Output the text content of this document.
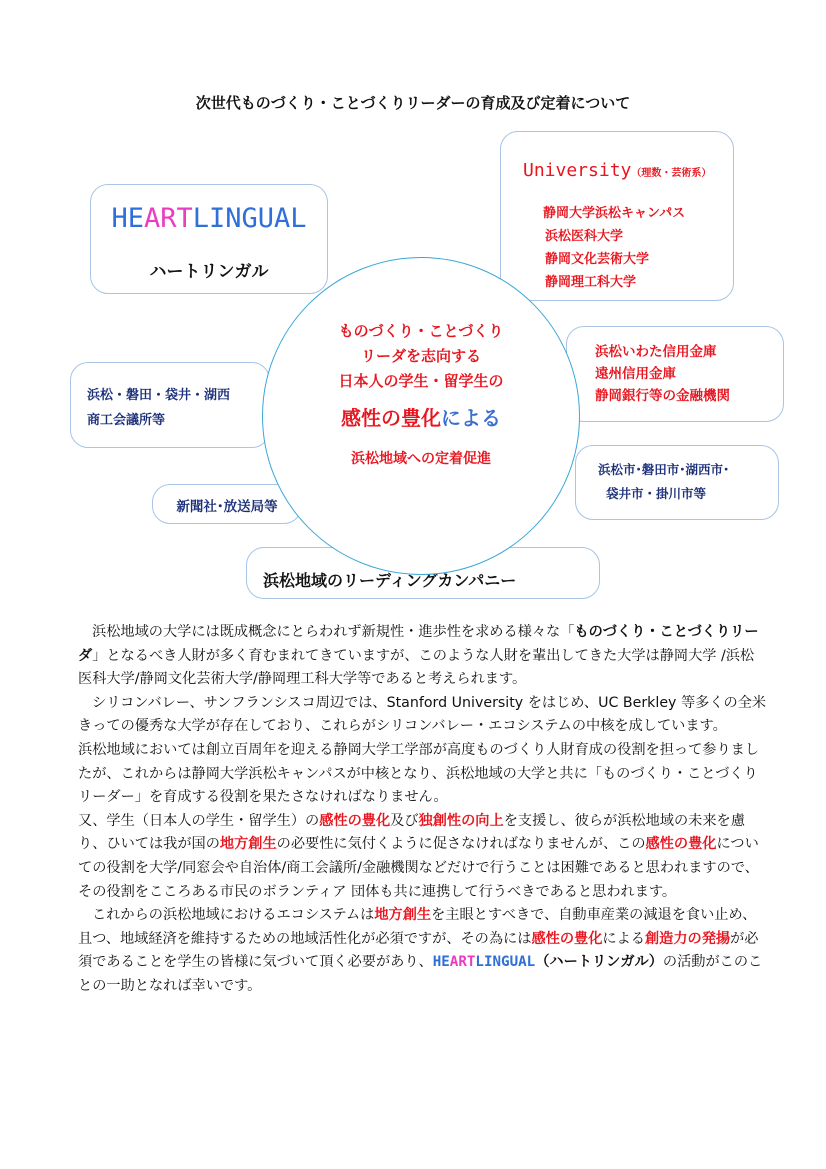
次世代ものづくり・ことづくりリーダーの育成及び定着について
HEARTLINGUAL
ハートリンガル
University（理数・芸術系）
静岡大学浜松キャンパス
浜松医科大学
静岡文化芸術大学
静岡理工科大学
浜松・磐田・袋井・湖西
商工会議所等
浜松いわた信用金庫
遠州信用金庫
静岡銀行等の金融機関
浜松市･磐田市･湖西市･
袋井市・掛川市等
新聞社･放送局等
浜松地域のリーディングカンパニー
ものづくり・ことづくり
リーダを志向する
日本人の学生・留学生の
感性の豊化による
浜松地域への定着促進

浜松地域の大学には既成概念にとらわれず新規性・進歩性を求める様々な「ものづくり・ことづくりリーダ」となるべき人財が多く育むまれてきていますが、このような人財を輩出してきた大学は静岡大学 /浜松医科大学/静岡文化芸術大学/静岡理工科大学等であると考えられます。

シリコンバレー、サンフランシスコ周辺では、Stanford University をはじめ、UC Berkley 等多くの全米きっての優秀な大学が存在しており、これらがシリコンバレー・エコシステムの中核を成しています。

浜松地域においては創立百周年を迎える静岡大学工学部が高度ものづくり人財育成の役割を担って参りましたが、これからは静岡大学浜松キャンパスが中核となり、浜松地域の大学と共に「ものづくり・ことづくりリーダー」を育成する役割を果たさなければなりません。

又、学生（日本人の学生・留学生）の感性の豊化及び独創性の向上を支援し、彼らが浜松地域の未来を慮り、ひいては我が国の地方創生の必要性に気付くように促さなければなりませんが、この感性の豊化についての役割を大学/同窓会や自治体/商工会議所/金融機関などだけで行うことは困難であると思われますので、その役割をこころある市民のボランティア 団体も共に連携して行うべきであると思われます。

これからの浜松地域におけるエコシステムは地方創生を主眼とすべきで、自動車産業の減退を食い止め、且つ、地域経済を維持するための地域活性化が必須ですが、その為には感性の豊化による創造力の発揚が必須であることを学生の皆様に気づいて頂く必要があり、HEARTLINGUAL（ハートリンガル）の活動がこのことの一助となれば幸いです。
